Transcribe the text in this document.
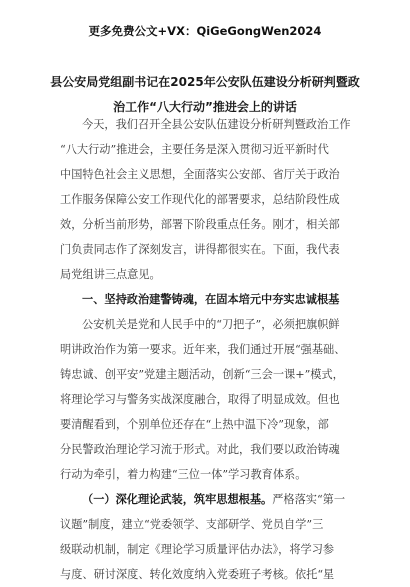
更多免费公文+VX：QiGeGongWen2024
县公安局党组副书记在2025年公安队伍建设分析研判暨政
治工作“八大行动”推进会上的讲话
今天，我们召开全县公安队伍建设分析研判暨政治工作
“八大行动”推进会，主要任务是深入贯彻习近平新时代
中国特色社会主义思想，全面落实公安部、省厅关于政治
工作服务保障公安工作现代化的部署要求，总结阶段性成
效，分析当前形势，部署下阶段重点任务。刚才，相关部
门负责同志作了深刻发言，讲得都很实在。下面，我代表
局党组讲三点意见。
一、坚持政治建警铸魂，在固本培元中夯实忠诚根基
公安机关是党和人民手中的“刀把子”，必须把旗帜鲜
明讲政治作为第一要求。近年来，我们通过开展“强基础、
铸忠诚、创平安”党建主题活动，创新“三会一课+”模式，
将理论学习与警务实战深度融合，取得了明显成效。但也
要清醒看到，个别单位还存在“上热中温下冷”现象，部
分民警政治理论学习流于形式。对此，我们要以政治铸魂
行动为牵引，着力构建“三位一体”学习教育体系。
（一）深化理论武装，筑牢思想根基。严格落实“第一
议题”制度，建立“党委领学、支部研学、党员自学”三
级联动机制，制定《理论学习质量评估办法》，将学习参
与度、研讨深度、转化效度纳入党委班子考核。依托“星
